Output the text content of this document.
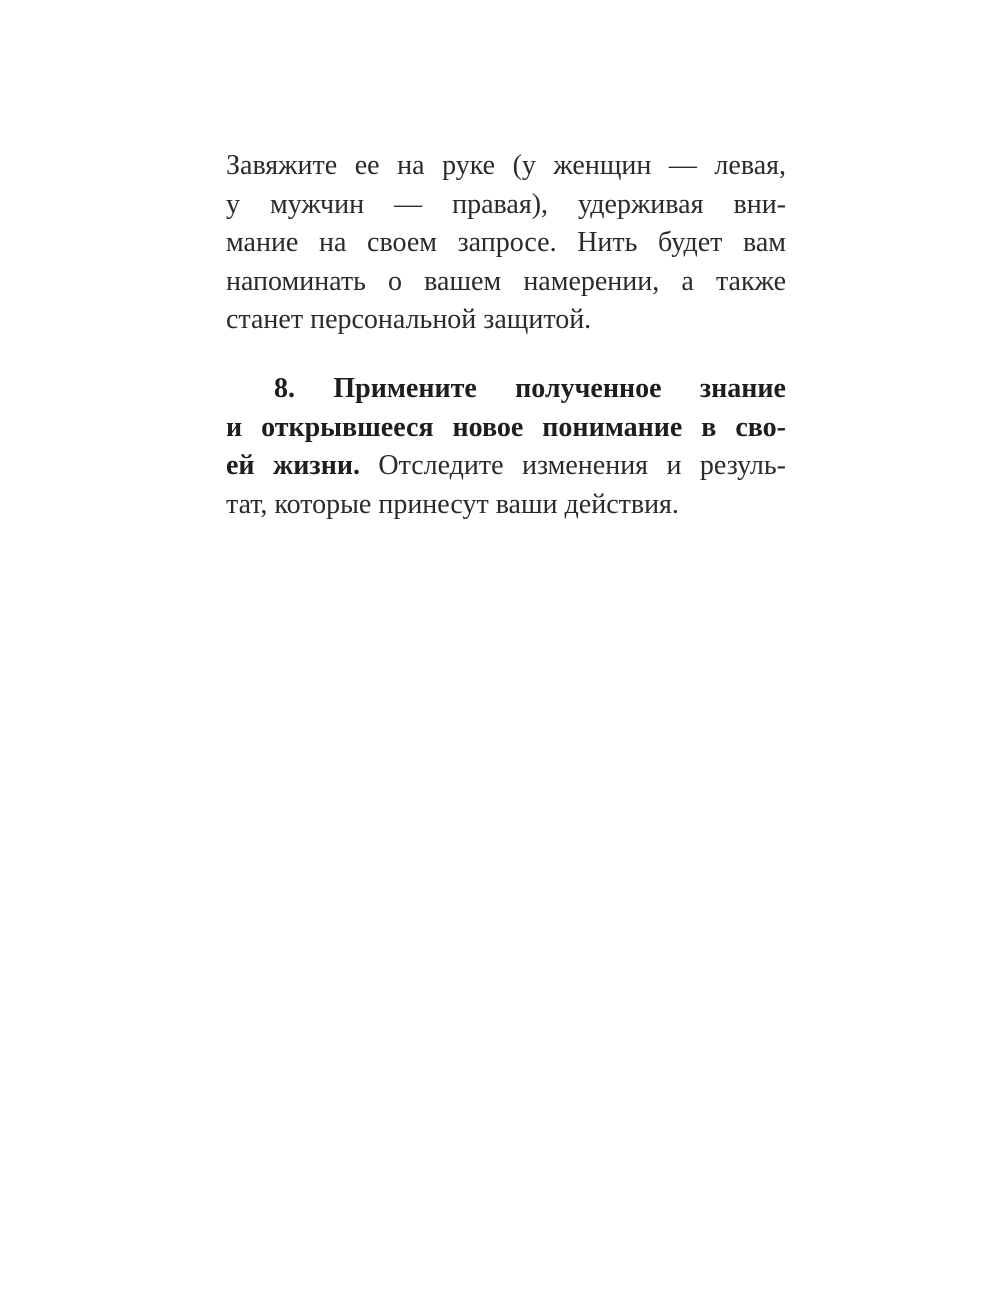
Завяжите ее на руке (у женщин — левая,
у мужчин — правая), удерживая вни-
мание на своем запросе. Нить будет вам
напоминать о вашем намерении, а также
станет персональной защитой.
8. Примените полученное знание
и открывшееся новое понимание в сво-
ей жизни. Отследите изменения и резуль-
тат, которые принесут ваши действия.
